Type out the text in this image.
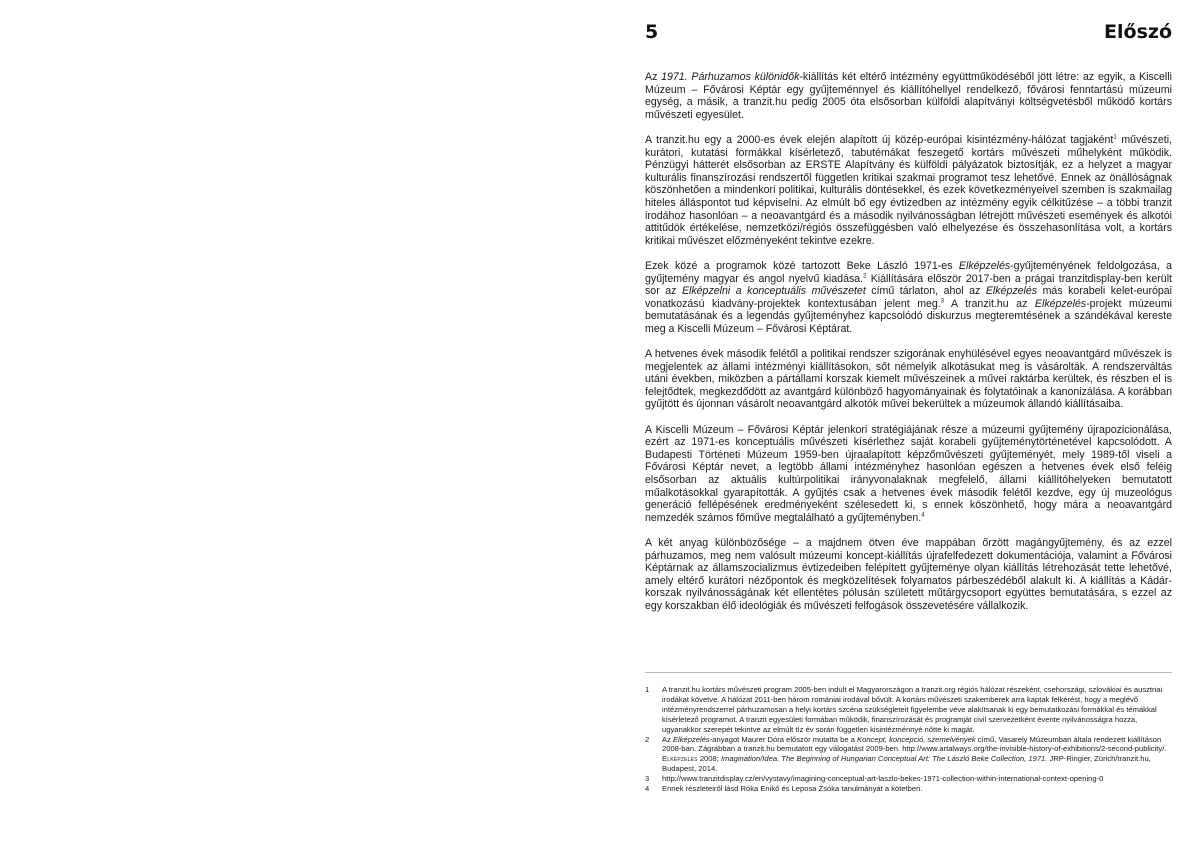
5	Előszó

Az 1971. Párhuzamos különidők-kiállítás két eltérő intézmény együttműködéséből jött létre: az egyik, a Kiscelli Múzeum – Fővárosi Képtár egy gyűjteménnyel és kiállítóhellyel rendelkező, fővárosi fenntartású múzeumi egység, a másik, a tranzit.hu pedig 2005 óta elsősorban külföldi alapítványi költségvetésből működő kortárs művészeti egyesület.

A tranzit.hu egy a 2000-es évek elején alapított új közép-európai kisintézmény-hálózat tagjaként$^1$ művészeti, kurátori, kutatási formákkal kísérletező, tabutémákat feszegető kortárs művészeti műhelyként működik. Pénzügyi hátterét elsősorban az ERSTE Alapítvány és külföldi pályázatok biztosítják, ez a helyzet a magyar kulturális finanszírozási rendszertől független kritikai szakmai programot tesz lehetővé. Ennek az önállóságnak köszönhetően a mindenkori politikai, kulturális döntésekkel, és ezek következményeivel szemben is szakmailag hiteles álláspontot tud képviselni. Az elmúlt bő egy évtizedben az intézmény egyik célkitűzése – a többi tranzit irodához hasonlóan – a neoavantgárd és a második nyilvánosságban létrejött művészeti események és alkotói attitűdök értékelése, nemzetközi/régiós összefüggésben való elhelyezése és összehasonlítása volt, a kortárs kritikai művészet előzményeként tekintve ezekre.

Ezek közé a programok közé tartozott Beke László 1971-es Elképzelés-gyűjteményének feldolgozása, a gyűjtemény magyar és angol nyelvű kiadása.$^2$ Kiállítására először 2017-ben a prágai tranzitdisplay-ben került sor az Elképzelni a konceptuális művészetet című tárlaton, ahol az Elképzelés más korabeli kelet-európai vonatkozású kiadvány-projektek kontextusában jelent meg.$^3$ A tranzit.hu az Elképzelés-projekt múzeumi bemutatásának és a legendás gyűjteményhez kapcsolódó diskurzus megteremtésének a szándékával kereste meg a Kiscelli Múzeum – Fővárosi Képtárat.

A hetvenes évek második felétől a politikai rendszer szigorának enyhülésével egyes neoavantgárd művészek is megjelentek az állami intézményi kiállításokon, sőt némelyik alkotásukat meg is vásárolták. A rendszerváltás utáni években, miközben a pártállami korszak kiemelt művészeinek a művei raktárba kerültek, és részben el is felejtődtek, megkezdődött az avantgárd különböző hagyományainak és folytatóinak a kanonizálása. A korábban gyűjtött és újonnan vásárolt neoavantgárd alkotók művei bekerültek a múzeumok állandó kiállításaiba.

A Kiscelli Múzeum – Fővárosi Képtár jelenkori stratégiájának része a múzeumi gyűjtemény újrapozicionálása, ezért az 1971-es konceptuális művészeti kísérlethez saját korabeli gyűjteménytörténetével kapcsolódott. A Budapesti Történeti Múzeum 1959-ben újraalapított képzőművészeti gyűjteményét, mely 1989-től viseli a Fővárosi Képtár nevet, a legtöbb állami intézményhez hasonlóan egészen a hetvenes évek első feléig elsősorban az aktuális kultúrpolitikai irányvonalaknak megfelelő, állami kiállítóhelyeken bemutatott műalkotásokkal gyarapították. A gyűjtés csak a hetvenes évek második felétől kezdve, egy új muzeológus generáció fellépésének eredményeként szélesedett ki, s ennek köszönhető, hogy mára a neoavantgárd nemzedék számos főműve megtalálható a gyűjteményben.$^4$

A két anyag különbözősége – a majdnem ötven éve mappában őrzött magángyűjtemény, és az ezzel párhuzamos, meg nem valósult múzeumi koncept-kiállítás újrafelfedezett dokumentációja, valamint a Fővárosi Képtárnak az államszocializmus évtizedeiben felépített gyűjteménye olyan kiállítás létrehozását tette lehetővé, amely eltérő kurátori nézőpontok és megközelítések folyamatos párbeszédéből alakult ki. A kiállítás a Kádár-korszak nyilvánosságának két ellentétes pólusán született műtárgycsoport együttes bemutatására, s ezzel az egy korszakban élő ideológiák és művészeti felfogások összevetésére vállalkozik.

1	A tranzit.hu kortárs művészeti program 2005-ben indult el Magyarországon a tranzit.org régiós hálózat részeként, csehországi, szlovákiai és ausztriai irodákat követve. A hálózat 2011-ben három romániai irodával bővült. A kortárs művészeti szakemberek arra kaptak felkérést, hogy a meglévő intézményrendszerrel párhuzamosan a helyi kortárs szcéna szükségleteit figyelembe véve alakítsanak ki egy bemutatkozási formákkal és témákkal kísérletező programot. A tranzit egyesületi formában működik, finanszírozását és programját civil szervezetként évente nyilvánosságra hozza, ugyanakkor szerepét tekintve az elmúlt tíz év során független kisintézménnyé nőtte ki magát.
2	Az Elképzelés-anyagot Maurer Dóra először mutatta be a Koncept, koncepció, szemelvények című, Vasarely Múzeumban általa rendezett kiállításon 2008-ban. Zágrábban a tranzit.hu bemutatott egy válogatást 2009-ben. http://www.artalways.org/the-invisible-history-of-exhibitions/2-second-publicity/. Elképzelés 2008; Imagination/Idea. The Beginning of Hungarian Conceptual Art: The László Beke Collection, 1971. JRP-Ringier, Zürich/tranzit.hu, Budapest, 2014.
3	http://www.tranzitdisplay.cz/en/vystavy/imagining-conceptual-art-laszlo-bekes-1971-collection-within-international-context-opening-0
4	Ennek részleteiről lásd Róka Enikő és Leposa Zsóka tanulmányát a kötetben.
